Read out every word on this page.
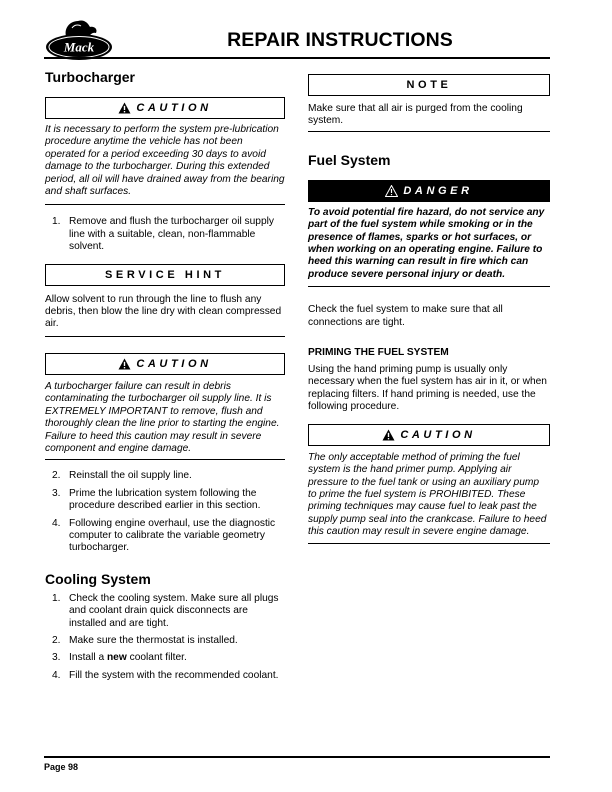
Mack	REPAIR INSTRUCTIONS
Turbocharger
CAUTION

It is necessary to perform the system pre-lubrication procedure anytime the vehicle has not been operated for a period exceeding 30 days to avoid damage to the turbocharger. During this extended period, all oil will have drained away from the bearing and shaft surfaces.

1. Remove and flush the turbocharger oil supply line with a suitable, clean, non-flammable solvent.
SERVICE HINT

Allow solvent to run through the line to flush any debris, then blow the line dry with clean compressed air.

CAUTION

A turbocharger failure can result in debris contaminating the turbocharger oil supply line. It is EXTREMELY IMPORTANT to remove, flush and thoroughly clean the line prior to starting the engine. Failure to heed this caution may result in severe component and engine damage.

2. Reinstall the oil supply line.
3. Prime the lubrication system following the procedure described earlier in this section.
4. Following engine overhaul, use the diagnostic computer to calibrate the variable geometry turbocharger.
Cooling System
1. Check the cooling system. Make sure all plugs and coolant drain quick disconnects are installed and are tight.
2. Make sure the thermostat is installed.
3. Install a new coolant filter.
4. Fill the system with the recommended coolant.
NOTE

Make sure that all air is purged from the cooling system.

Fuel System
DANGER

To avoid potential fire hazard, do not service any part of the fuel system while smoking or in the presence of flames, sparks or hot surfaces, or when working on an operating engine. Failure to heed this warning can result in fire which can produce severe personal injury or death.

Check the fuel system to make sure that all connections are tight.

PRIMING THE FUEL SYSTEM

Using the hand priming pump is usually only necessary when the fuel system has air in it, or when replacing filters. If hand priming is needed, use the following procedure.

CAUTION

The only acceptable method of priming the fuel system is the hand primer pump. Applying air pressure to the fuel tank or using an auxiliary pump to prime the fuel system is PROHIBITED. These priming techniques may cause fuel to leak past the supply pump seal into the crankcase. Failure to heed this caution may result in severe engine damage.

Page 98
